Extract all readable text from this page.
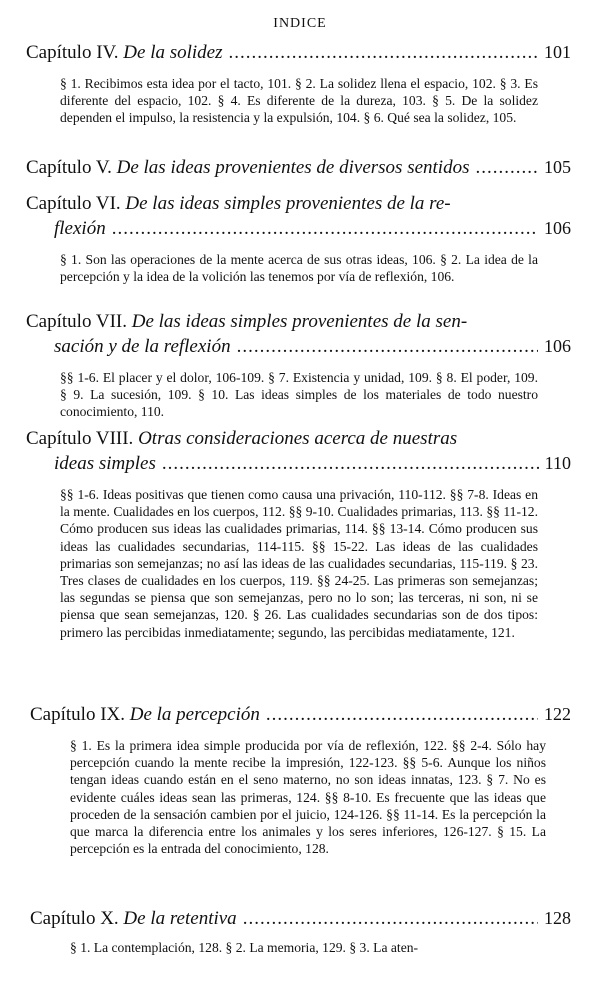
INDICE
Capítulo IV. De la solidez .....	101
§ 1. Recibimos esta idea por el tacto, 101. § 2. La solidez llena el espacio, 102. § 3. Es diferente del espacio, 102. § 4. Es diferente de la dureza, 103. § 5. De la solidez dependen el impulso, la resistencia y la expulsión, 104. § 6. Qué sea la solidez, 105.
Capítulo V. De las ideas provenientes de diversos sentidos .....	105
Capítulo VI. De las ideas simples provenientes de la re-
flexión .....	106
§ 1. Son las operaciones de la mente acerca de sus otras ideas, 106. § 2. La idea de la percepción y la idea de la volición las tenemos por vía de reflexión, 106.
Capítulo VII. De las ideas simples provenientes de la sen-
sación y de la reflexión .....	106
§§ 1-6. El placer y el dolor, 106-109. § 7. Existencia y unidad, 109. § 8. El poder, 109. § 9. La sucesión, 109. § 10. Las ideas simples de los materiales de todo nuestro conocimiento, 110.
Capítulo VIII. Otras consideraciones acerca de nuestras
ideas simples .....	110
§§ 1-6. Ideas positivas que tienen como causa una privación, 110-112. §§ 7-8. Ideas en la mente. Cualidades en los cuerpos, 112. §§ 9-10. Cualidades primarias, 113. §§ 11-12. Cómo producen sus ideas las cualidades primarias, 114. §§ 13-14. Cómo producen sus ideas las cualidades secundarias, 114-115. §§ 15-22. Las ideas de las cualidades primarias son semejanzas; no así las ideas de las cualidades secundarias, 115-119. § 23. Tres clases de cualidades en los cuerpos, 119. §§ 24-25. Las primeras son semejanzas; las segundas se piensa que son semejanzas, pero no lo son; las terceras, ni son, ni se piensa que sean semejanzas, 120. § 26. Las cualidades secundarias son de dos tipos: primero las percibidas inmediatamente; segundo, las percibidas mediatamente, 121.
Capítulo IX. De la percepción .....	122
§ 1. Es la primera idea simple producida por vía de reflexión, 122. §§ 2-4. Sólo hay percepción cuando la mente recibe la impresión, 122-123. §§ 5-6. Aunque los niños tengan ideas cuando están en el seno materno, no son ideas innatas, 123. § 7. No es evidente cuáles ideas sean las primeras, 124. §§ 8-10. Es frecuente que las ideas que proceden de la sensación cambien por el juicio, 124-126. §§ 11-14. Es la percepción la que marca la diferencia entre los animales y los seres inferiores, 126-127. § 15. La percepción es la entrada del conocimiento, 128.
Capítulo X. De la retentiva .....	128
§ 1. La contemplación, 128. § 2. La memoria, 129. § 3. La aten-
